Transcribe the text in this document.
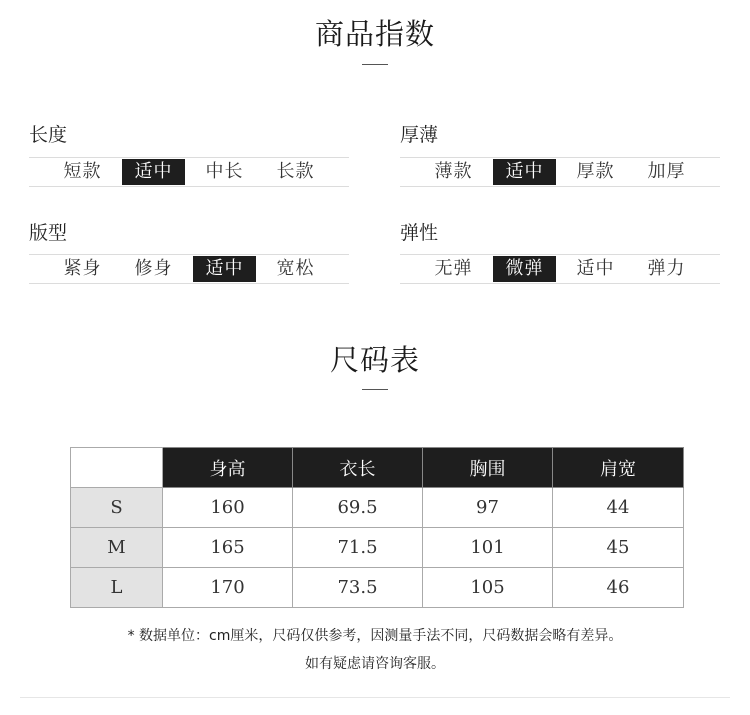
商品指数
长度
短款	适中	中长	长款
厚薄
薄款	适中	厚款	加厚
版型
紧身	修身	适中	宽松
弹性
无弹	微弹	适中	弹力
尺码表
	身高	衣长	胸围	肩宽
S	160	69.5	97	44
M	165	71.5	101	45
L	170	73.5	105	46
* 数据单位：cm厘米，尺码仅供参考，因测量手法不同，尺码数据会略有差异。
如有疑虑请咨询客服。
